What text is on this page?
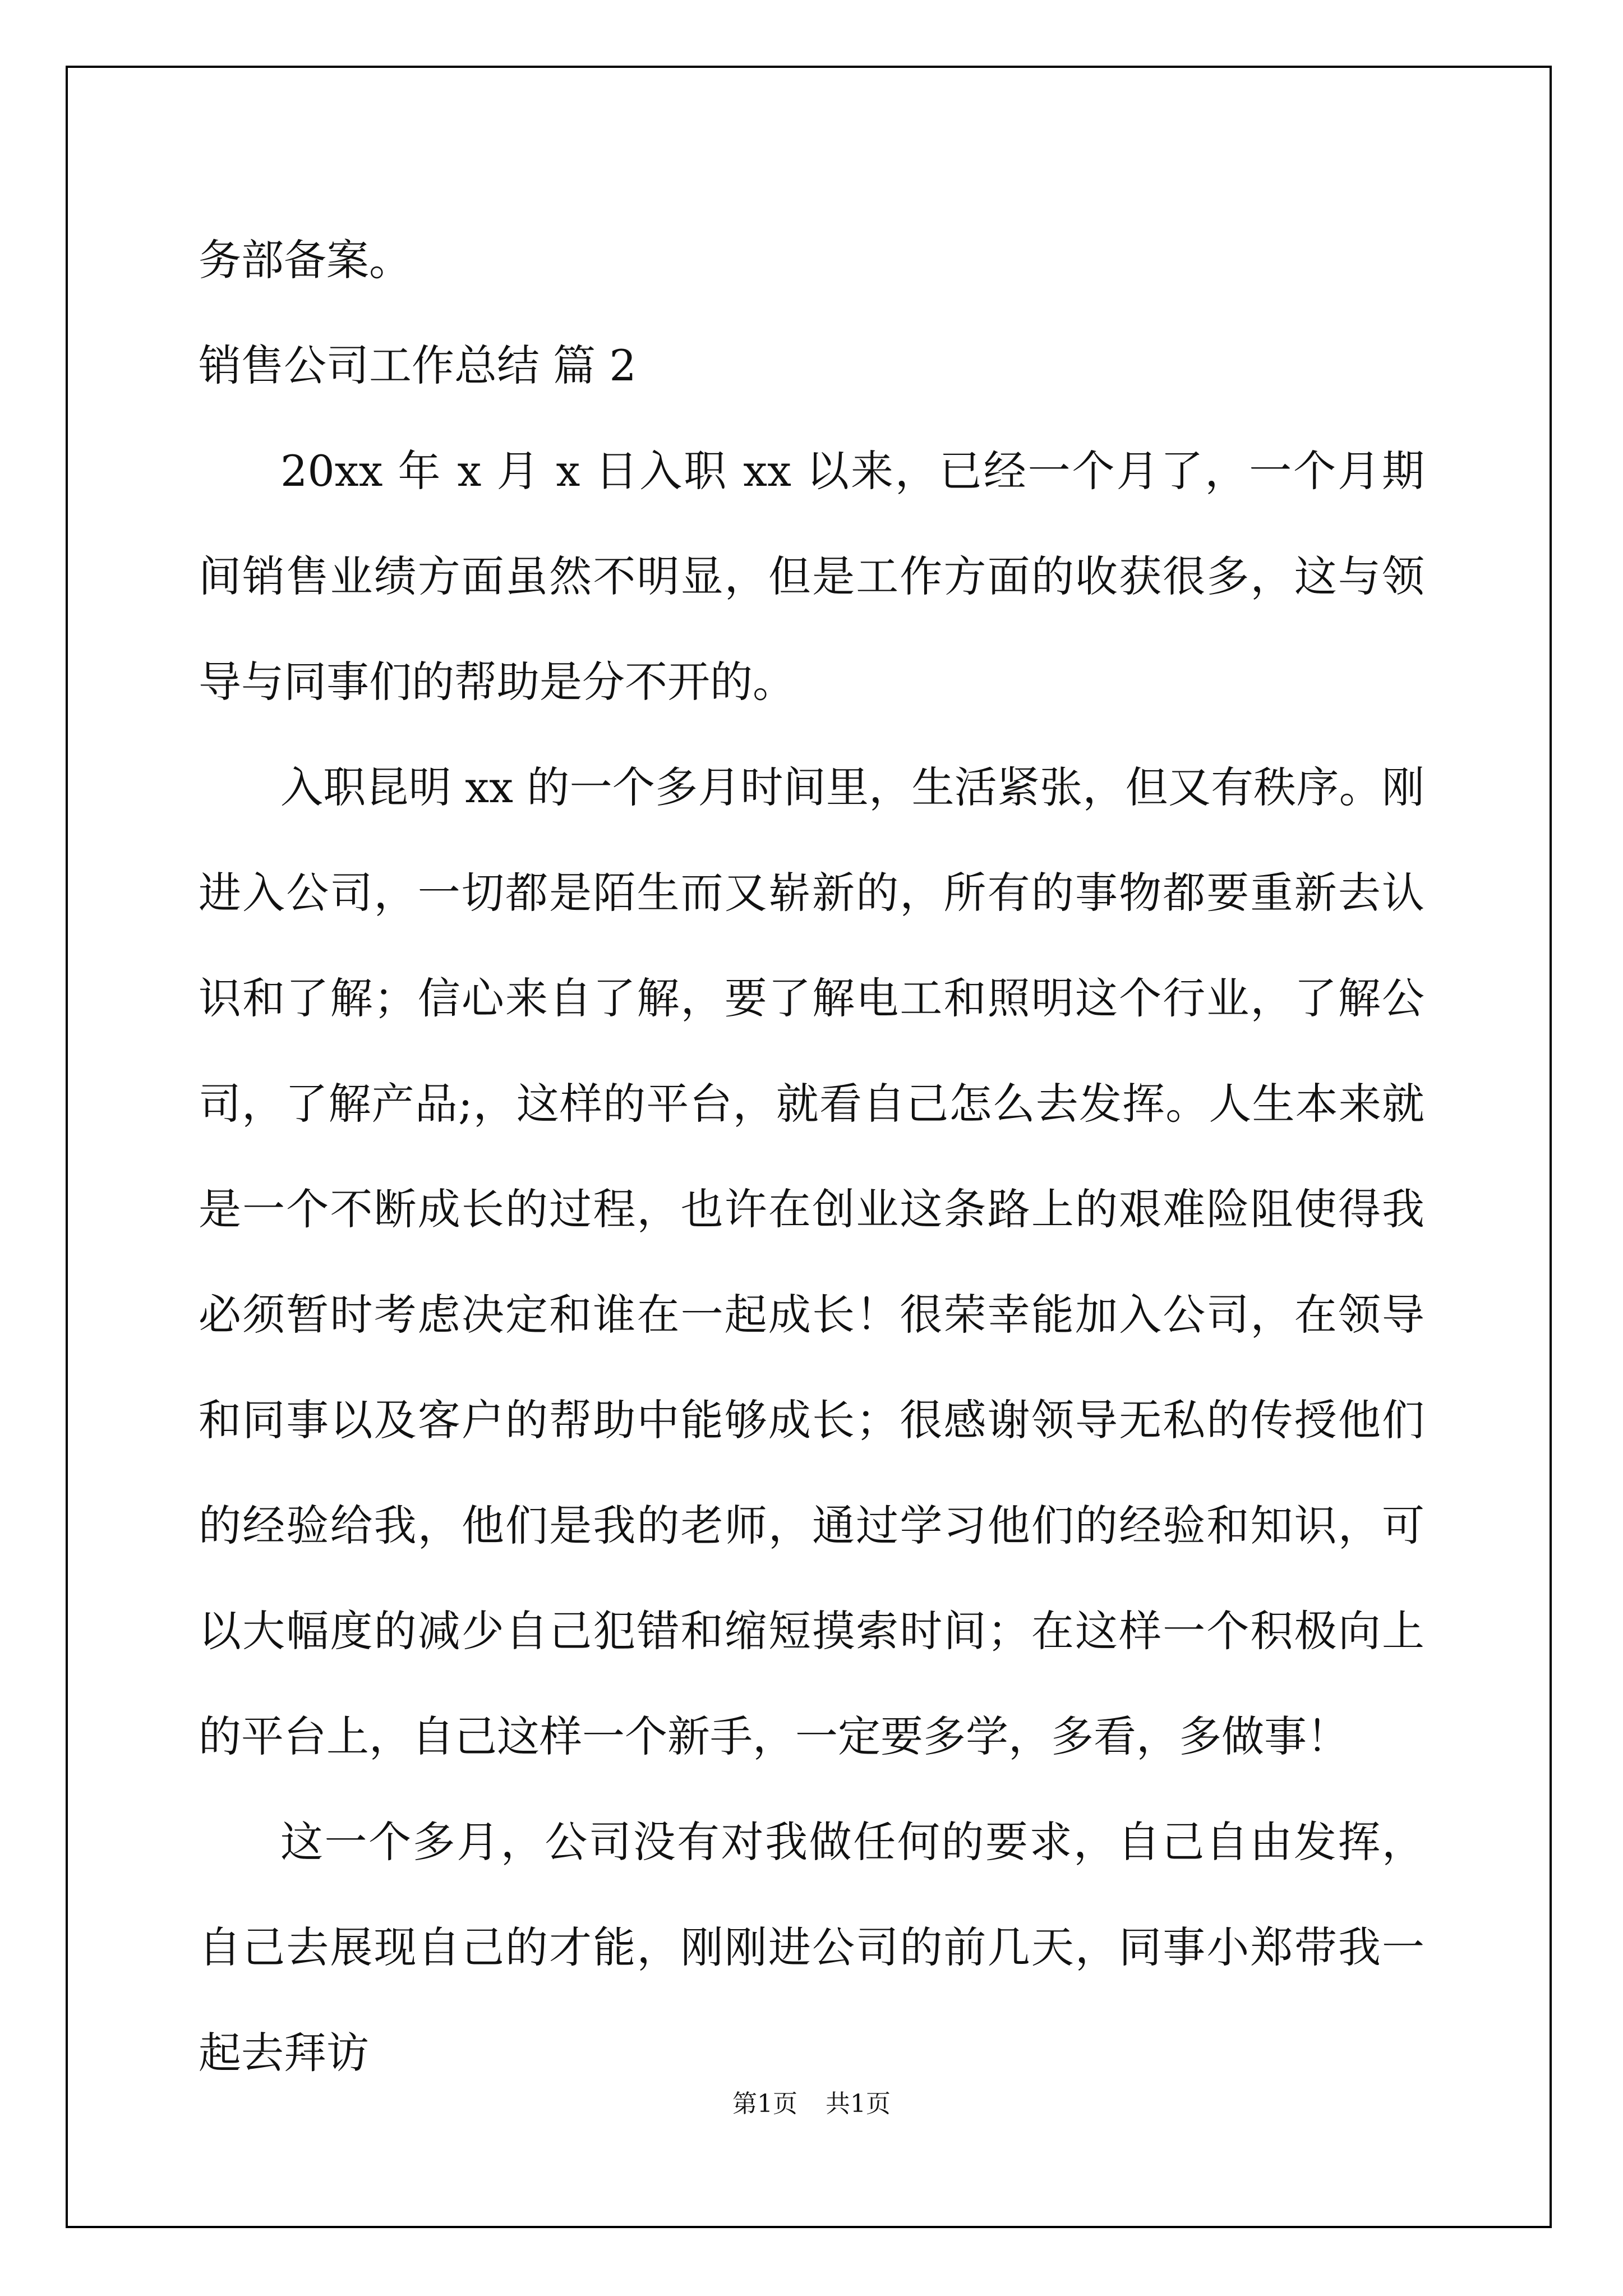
务部备案。

销售公司工作总结 篇 2

20xx 年 x 月 x 日入职 xx 以来，已经一个月了，一个月期间销售业绩方面虽然不明显，但是工作方面的收获很多，这与领导与同事们的帮助是分不开的。

入职昆明 xx 的一个多月时间里，生活紧张，但又有秩序。刚进入公司，一切都是陌生而又崭新的，所有的事物都要重新去认识和了解；信心来自了解，要了解电工和照明这个行业，了解公司，了解产品;，这样的平台，就看自己怎么去发挥。人生本来就是一个不断成长的过程，也许在创业这条路上的艰难险阻使得我必须暂时考虑决定和谁在一起成长！很荣幸能加入公司，在领导和同事以及客户的帮助中能够成长；很感谢领导无私的传授他们的经验给我，他们是我的老师，通过学习他们的经验和知识，可以大幅度的减少自己犯错和缩短摸索时间；在这样一个积极向上的平台上，自己这样一个新手，一定要多学，多看，多做事！

这一个多月，公司没有对我做任何的要求，自己自由发挥，自己去展现自己的才能，刚刚进公司的前几天，同事小郑带我一起去拜访

第1页 共1页
